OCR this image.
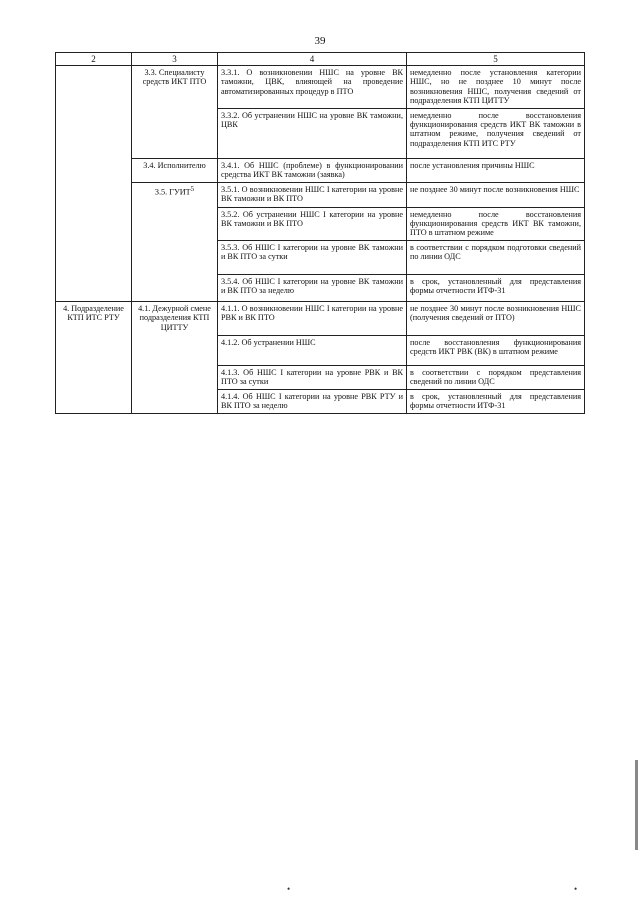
39
2	3	4	5
	3.3. Специалисту средств ИКТ ПТО	3.3.1. О возникновении НШС на уровне ВК таможни, ЦВК, влияющей на проведение автоматизированных процедур в ПТО	немедленно после установления категории НШС, но не позднее 10 минут после возникновения НШС, получения сведений от подразделения КТП ЦИТТУ
		3.3.2. Об устранении НШС на уровне ВК таможни, ЦВК	немедленно после восстановления функционирования средств ИКТ ВК таможни в штатном режиме, получения сведений от подразделения КТП ИТС РТУ
	3.4. Исполнителю	3.4.1. Об НШС (проблеме) в функционировании средства ИКТ ВК таможни (заявка)	после установления причины НШС
	3.5. ГУИТ$^5$	3.5.1. О возникновении НШС I категории на уровне ВК таможни и ВК ПТО	не позднее 30 минут после возникновения НШС
		3.5.2. Об устранении НШС I категории на уровне ВК таможни и ВК ПТО	немедленно после восстановления функционирования средств ИКТ ВК таможни, ПТО в штатном режиме
		3.5.3. Об НШС I категории на уровне ВК таможни и ВК ПТО за сутки	в соответствии с порядком подготовки сведений по линии ОДС
		3.5.4. Об НШС I категории на уровне ВК таможни и ВК ПТО за неделю	в срок, установленный для представления формы отчетности ИТФ-31
4. Подразделение КТП ИТС РТУ	4.1. Дежурной смене подразделения КТП ЦИТТУ	4.1.1. О возникновении НШС I категории на уровне РВК и ВК ПТО	не позднее 30 минут после возникновения НШС (получения сведений от ПТО)
		4.1.2. Об устранении НШС	после восстановления функционирования средств ИКТ РВК (ВК) в штатном режиме
		4.1.3. Об НШС I категории на уровне РВК и ВК ПТО за сутки	в соответствии с порядком представления сведений по линии ОДС
		4.1.4. Об НШС I категории на уровне РВК РТУ и ВК ПТО за неделю	в срок, установленный для представления формы отчетности ИТФ-31
•	•
